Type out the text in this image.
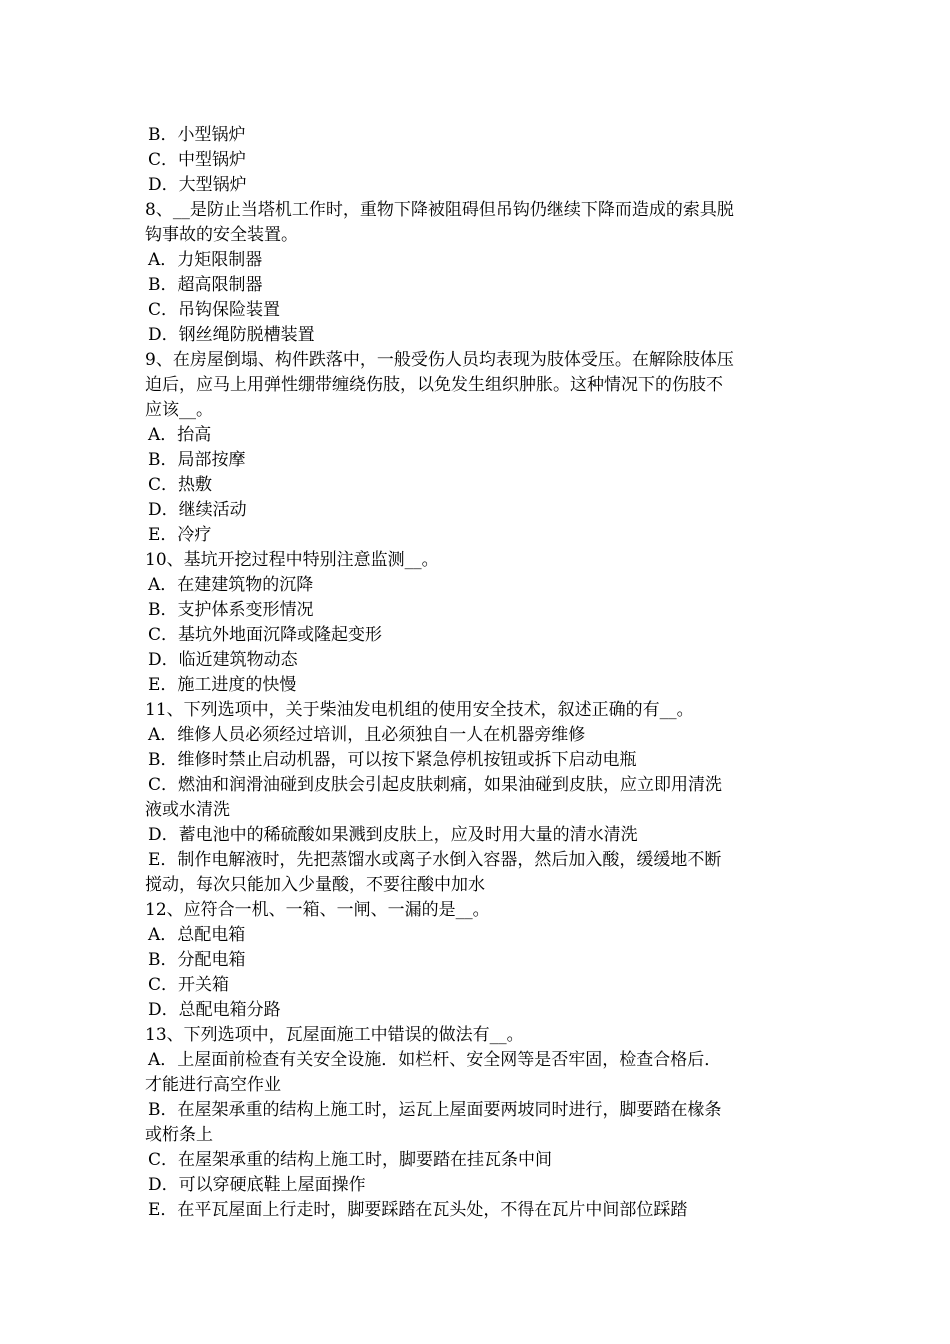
B．小型锅炉
C．中型锅炉
D．大型锅炉
8、__是防止当塔机工作时，重物下降被阻碍但吊钩仍继续下降而造成的索具脱
钩事故的安全装置。
A．力矩限制器
B．超高限制器
C．吊钩保险装置
D．钢丝绳防脱槽装置
9、在房屋倒塌、构件跌落中，一般受伤人员均表现为肢体受压。在解除肢体压
迫后，应马上用弹性绷带缠绕伤肢，以免发生组织肿胀。这种情况下的伤肢不
应该__。
A．抬高
B．局部按摩
C．热敷
D．继续活动
E．冷疗
10、基坑开挖过程中特别注意监测__。
A．在建建筑物的沉降
B．支护体系变形情况
C．基坑外地面沉降或隆起变形
D．临近建筑物动态
E．施工进度的快慢
11、下列选项中，关于柴油发电机组的使用安全技术，叙述正确的有__。
A．维修人员必须经过培训，且必须独自一人在机器旁维修
B．维修时禁止启动机器，可以按下紧急停机按钮或拆下启动电瓶
C．燃油和润滑油碰到皮肤会引起皮肤刺痛，如果油碰到皮肤，应立即用清洗
液或水清洗
D．蓄电池中的稀硫酸如果溅到皮肤上，应及时用大量的清水清洗
E．制作电解液时，先把蒸馏水或离子水倒入容器，然后加入酸，缓缓地不断
搅动，每次只能加入少量酸，不要往酸中加水
12、应符合一机、一箱、一闸、一漏的是__。
A．总配电箱
B．分配电箱
C．开关箱
D．总配电箱分路
13、下列选项中，瓦屋面施工中错误的做法有__。
A．上屋面前检查有关安全设施．如栏杆、安全网等是否牢固，检查合格后．
才能进行高空作业
B．在屋架承重的结构上施工时，运瓦上屋面要两坡同时进行，脚要踏在椽条
或桁条上
C．在屋架承重的结构上施工时，脚要踏在挂瓦条中间
D．可以穿硬底鞋上屋面操作
E．在平瓦屋面上行走时，脚要踩踏在瓦头处，不得在瓦片中间部位踩踏
